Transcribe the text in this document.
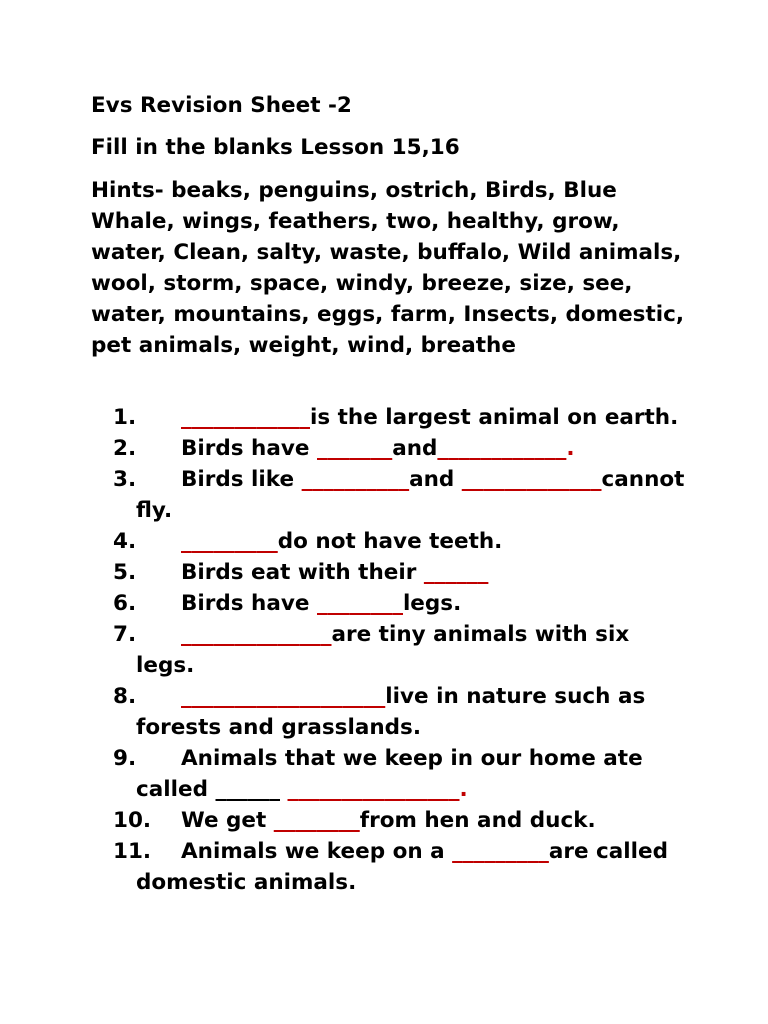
Evs Revision Sheet -2
Fill in the blanks Lesson 15,16
Hints- beaks, penguins, ostrich, Birds, Blue Whale, wings, feathers, two, healthy, grow, water, Clean, salty, waste, buffalo, Wild animals, wool, storm, space, windy, breeze, size, see, water, mountains, eggs, farm, Insects, domestic, pet animals, weight, wind, breathe
1. ____________is the largest animal on earth.
2. Birds have _______and____________.
3. Birds like __________and _____________cannot fly.
4. _________do not have teeth.
5. Birds eat with their ______
6. Birds have ________legs.
7. ______________are tiny animals with six legs.
8. ___________________live in nature such as forests and grasslands.
9. Animals that we keep in our home ate called ______ ________________.
10. We get ________from hen and duck.
11. Animals we keep on a _________are called domestic animals.
